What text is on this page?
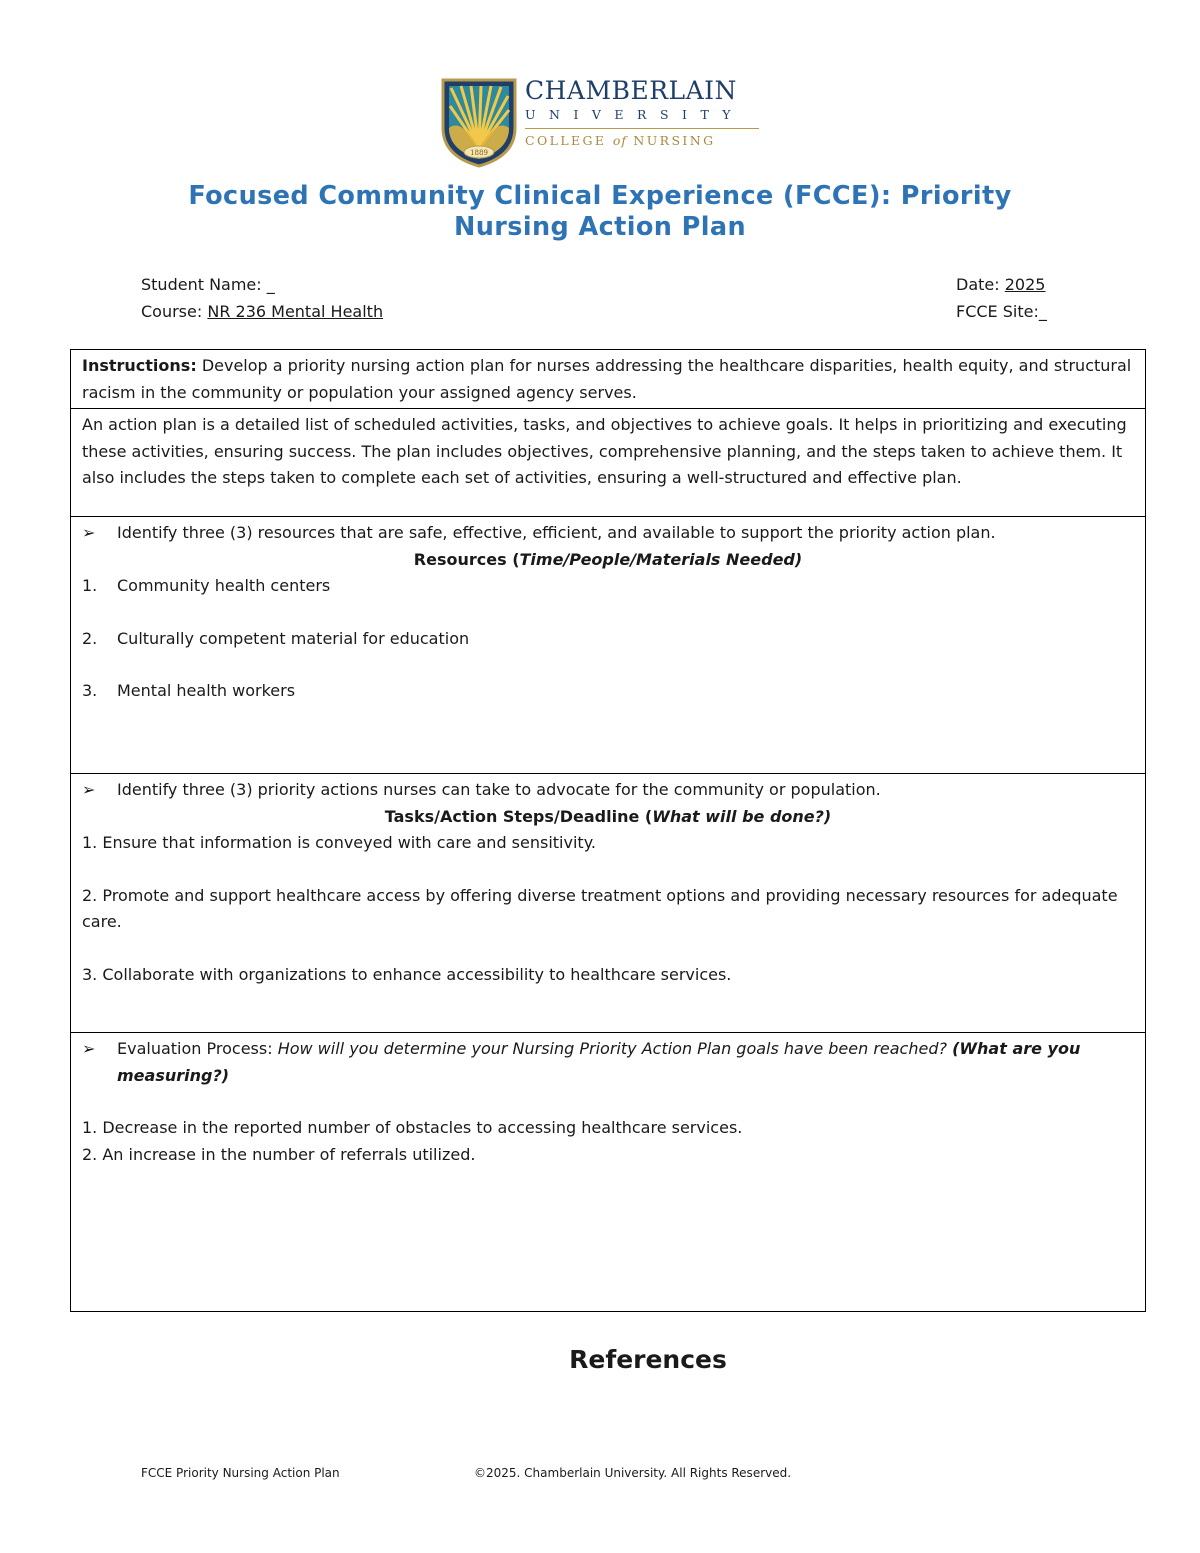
1889
CHAMBERLAIN
UNIVERSITY
COLLEGE of NURSING
Focused Community Clinical Experience (FCCE): Priority
Nursing Action Plan
Student Name: _
Course: NR 236 Mental Health
Date: 2025
FCCE Site:_

Instructions: Develop a priority nursing action plan for nurses addressing the healthcare disparities, health equity, and structural racism in the community or population your assigned agency serves.

An action plan is a detailed list of scheduled activities, tasks, and objectives to achieve goals. It helps in prioritizing and executing these activities, ensuring success. The plan includes objectives, comprehensive planning, and the steps taken to achieve them. It also includes the steps taken to complete each set of activities, ensuring a well-structured and effective plan.

➢ Identify three (3) resources that are safe, effective, efficient, and available to support the priority action plan.
Resources (Time/People/Materials Needed)
1. Community health centers
2. Culturally competent material for education
3. Mental health workers
➢ Identify three (3) priority actions nurses can take to advocate for the community or population.
Tasks/Action Steps/Deadline (What will be done?)

1. Ensure that information is conveyed with care and sensitivity.

2. Promote and support healthcare access by offering diverse treatment options and providing necessary resources for adequate care.

3. Collaborate with organizations to enhance accessibility to healthcare services.

➢ Evaluation Process: How will you determine your Nursing Priority Action Plan goals have been reached? (What are you measuring?)

1. Decrease in the reported number of obstacles to accessing healthcare services.

2. An increase in the number of referrals utilized.

References
FCCE Priority Nursing Action Plan	©2025. Chamberlain University. All Rights Reserved.
